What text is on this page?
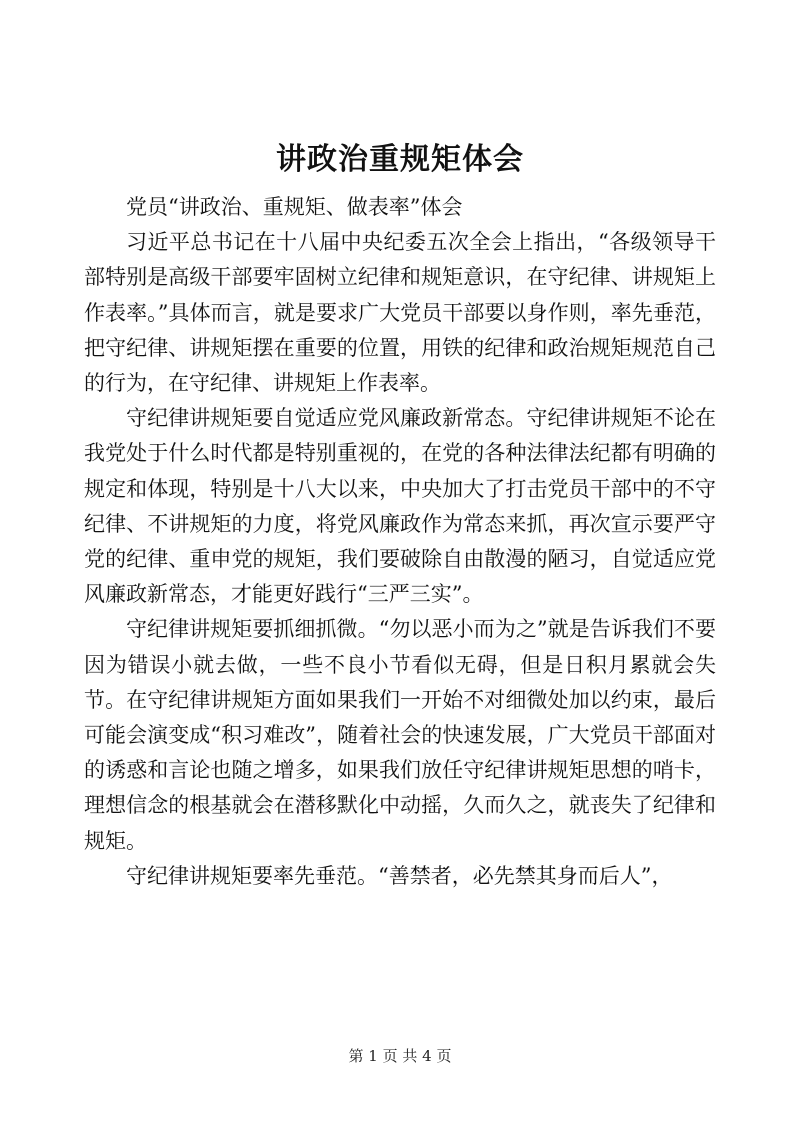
讲政治重规矩体会

党员“讲政治、重规矩、做表率”体会

习近平总书记在十八届中央纪委五次全会上指出，“各级领导干部特别是高级干部要牢固树立纪律和规矩意识，在守纪律、讲规矩上作表率。”具体而言，就是要求广大党员干部要以身作则，率先垂范，把守纪律、讲规矩摆在重要的位置，用铁的纪律和政治规矩规范自己的行为，在守纪律、讲规矩上作表率。

守纪律讲规矩要自觉适应党风廉政新常态。守纪律讲规矩不论在我党处于什么时代都是特别重视的，在党的各种法律法纪都有明确的规定和体现，特别是十八大以来，中央加大了打击党员干部中的不守纪律、不讲规矩的力度，将党风廉政作为常态来抓，再次宣示要严守党的纪律、重申党的规矩，我们要破除自由散漫的陋习，自觉适应党风廉政新常态，才能更好践行“三严三实”。

守纪律讲规矩要抓细抓微。“勿以恶小而为之”就是告诉我们不要因为错误小就去做，一些不良小节看似无碍，但是日积月累就会失节。在守纪律讲规矩方面如果我们一开始不对细微处加以约束，最后可能会演变成“积习难改”，随着社会的快速发展，广大党员干部面对的诱惑和言论也随之增多，如果我们放任守纪律讲规矩思想的哨卡，理想信念的根基就会在潜移默化中动摇，久而久之，就丧失了纪律和规矩。

守纪律讲规矩要率先垂范。“善禁者，必先禁其身而后人”，

第 1 页 共 4 页
